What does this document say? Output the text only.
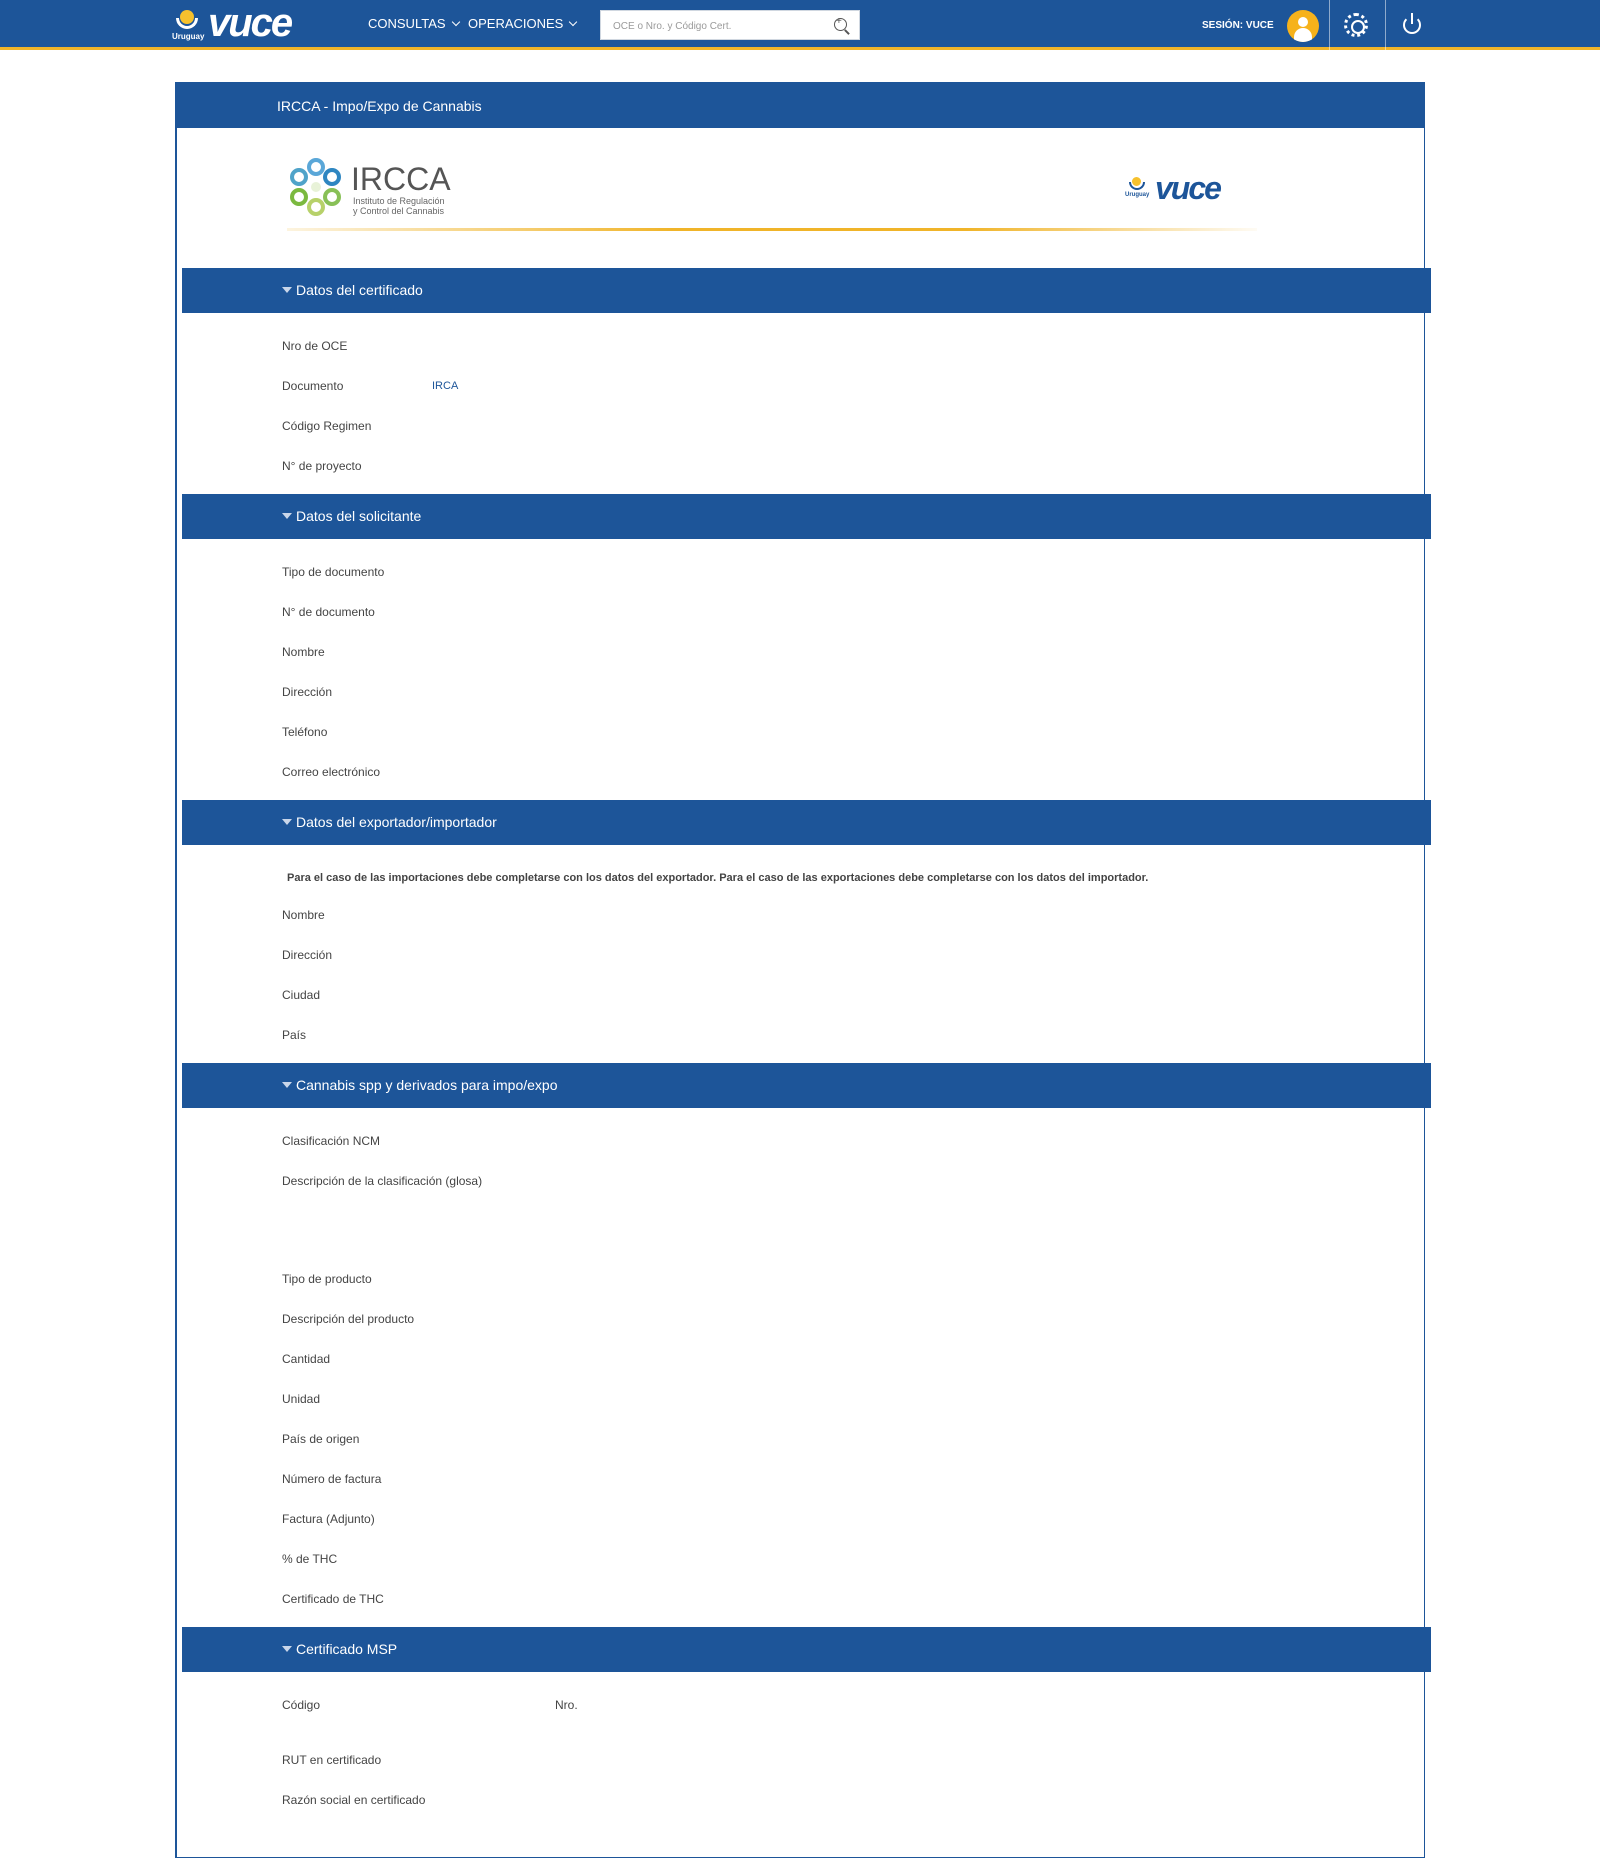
Uruguay vuce	CONSULTAS	OPERACIONES
OCE o Nro. y Código Cert.
+	SESIÓN: VUCE
IRCCA - Impo/Expo de Cannabis
IRCCA
Instituto de Regulación
y Control del Cannabis
Uruguay vuce
Datos del certificado
Nro de OCE
Documento	IRCA
Código Regimen
N° de proyecto
Datos del solicitante
Tipo de documento
N° de documento
Nombre
Dirección
Teléfono
Correo electrónico
Datos del exportador/importador
Para el caso de las importaciones debe completarse con los datos del exportador. Para el caso de las exportaciones debe completarse con los datos del importador.
Nombre
Dirección
Ciudad
País
Cannabis spp y derivados para impo/expo
Clasificación NCM
Descripción de la clasificación (glosa)
Tipo de producto
Descripción del producto
Cantidad
Unidad
País de origen
Número de factura
Factura (Adjunto)
% de THC
Certificado de THC
Certificado MSP
Código	Nro.
RUT en certificado
Razón social en certificado
